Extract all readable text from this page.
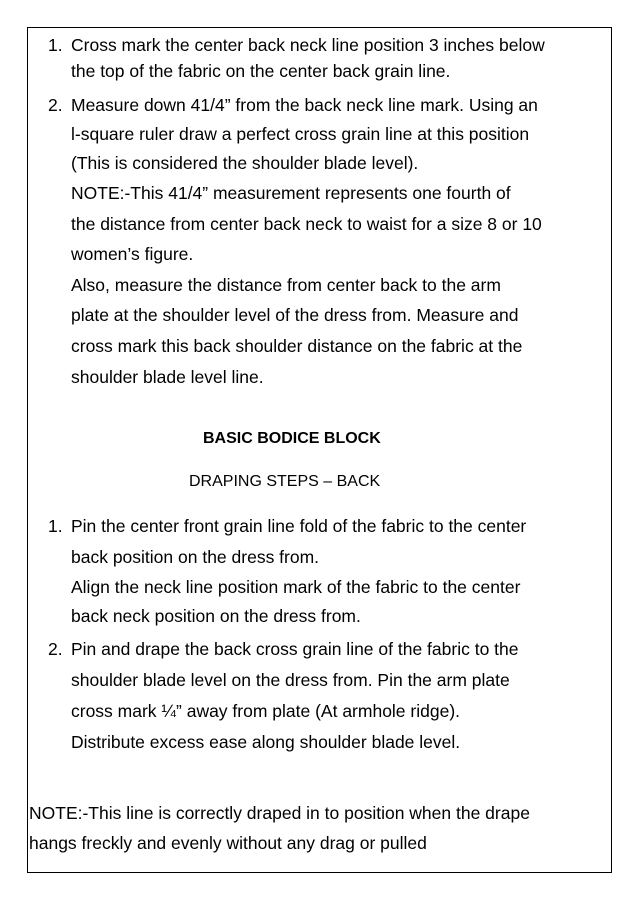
1. Cross mark the center back neck line position 3 inches below
the top of the fabric on the center back grain line.
2. Measure down 41/4” from the back neck line mark. Using an
l-square ruler draw a perfect cross grain line at this position
(This is considered the shoulder blade level).
NOTE:-This 41/4” measurement represents one fourth of
the distance from center back neck to waist for a size 8 or 10
women’s figure.
Also, measure the distance from center back to the arm
plate at the shoulder level of the dress from. Measure and
cross mark this back shoulder distance on the fabric at the
shoulder blade level line.
BASIC BODICE BLOCK
DRAPING STEPS – BACK
1. Pin the center front grain line fold of the fabric to the center
back position on the dress from.
Align the neck line position mark of the fabric to the center
back neck position on the dress from.
2. Pin and drape the back cross grain line of the fabric to the
shoulder blade level on the dress from. Pin the arm plate
cross mark ¼” away from plate (At armhole ridge).
Distribute excess ease along shoulder blade level.
NOTE:-This line is correctly draped in to position when the drape
hangs freckly and evenly without any drag or pulled
